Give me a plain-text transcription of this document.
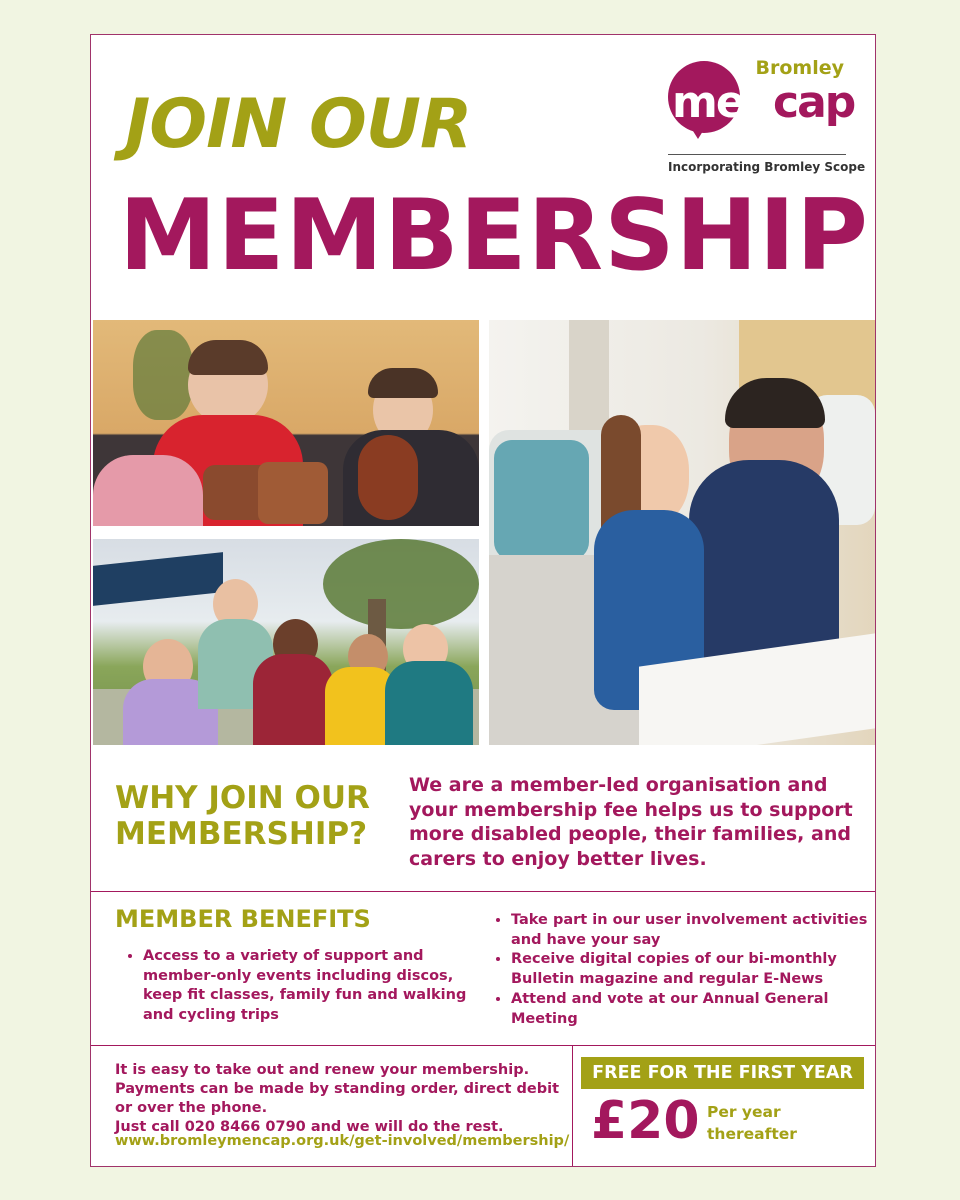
JOIN OUR
MEMBERSHIP
Bromley
mencap
Incorporating Bromley Scope
WHY JOIN OUR MEMBERSHIP?
We are a member-led organisation and your membership fee helps us to support more disabled people, their families, and carers to enjoy better lives.
MEMBER BENEFITS
• Access to a variety of support and member-only events including discos, keep fit classes, family fun and walking and cycling trips
• Take part in our user involvement activities and have your say
• Receive digital copies of our bi-monthly Bulletin magazine and regular E-News
• Attend and vote at our Annual General Meeting
It is easy to take out and renew your membership. Payments can be made by standing order, direct debit or over the phone.
Just call 020 8466 0790 and we will do the rest.
www.bromleymencap.org.uk/get-involved/membership/
FREE FOR THE FIRST YEAR
£20 Per year thereafter
